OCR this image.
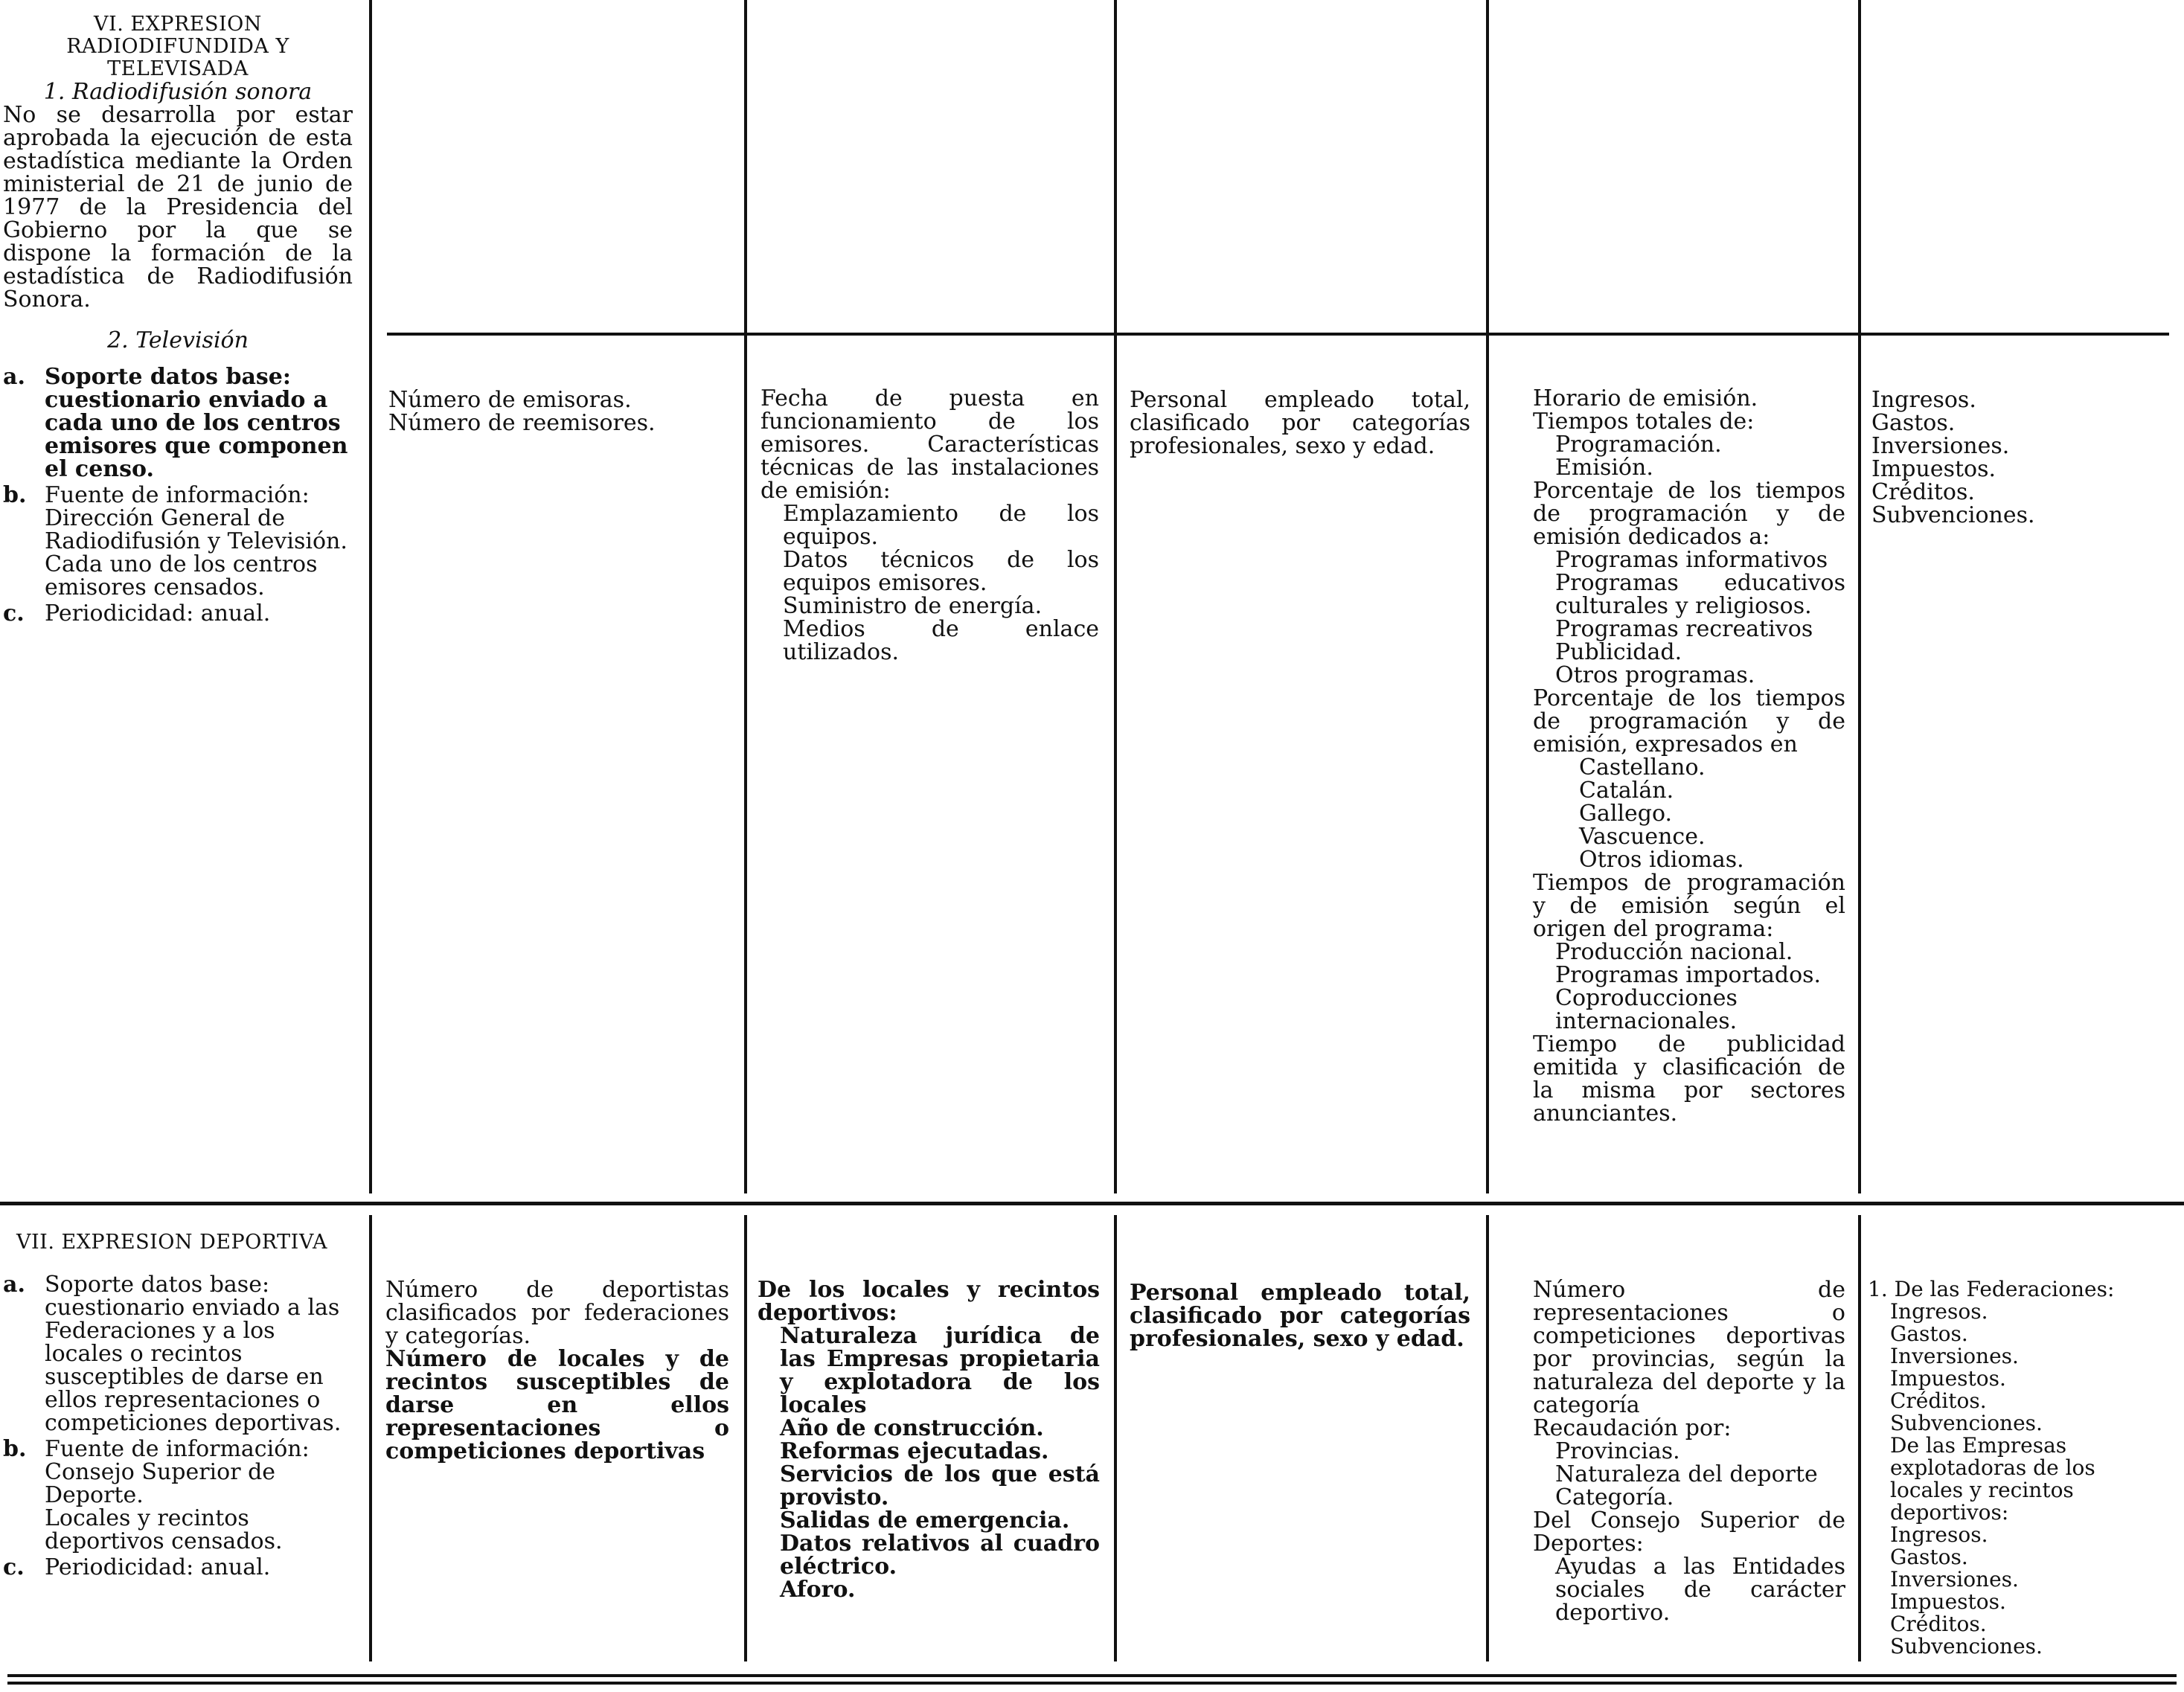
VI. EXPRESION RADIODIFUNDIDA Y TELEVISADA

1. Radiodifusión sonora

No se desarrolla por estar aprobada la ejecución de esta estadística mediante la Orden ministerial de 21 de junio de 1977 de la Presidencia del Gobierno por la que se dispone la formación de la estadística de Radiodifusión Sonora.

2. Televisión

a. Soporte datos base: cuestionario enviado a cada uno de los centros emisores que componen el censo.
b. Fuente de información:
Dirección General de Radiodifusión y Televisión. Cada uno de los centros emisores censados.
c. Periodicidad: anual.

Número de emisoras.

Número de reemisores.

Fecha de puesta en funcionamiento de los emisores. Características técnicas de las instalaciones de emisión:

Emplazamiento de los equipos.

Datos técnicos de los equipos emisores.

Suministro de energía.

Medios de enlace utilizados.

Personal empleado total, clasificado por categorías profesionales, sexo y edad.

Horario de emisión.

Tiempos totales de:

Programación.

Emisión.

Porcentaje de los tiempos de programación y de emisión dedicados a:

Programas informativos

Programas educativos culturales y religiosos.

Programas recreativos

Publicidad.

Otros programas.

Porcentaje de los tiempos de programación y de emisión, expresados en

Castellano.

Catalán.

Gallego.

Vascuence.

Otros idiomas.

Tiempos de programación y de emisión según el origen del programa:

Producción nacional.

Programas importados.

Coproducciones internacionales.

Tiempo de publicidad emitida y clasificación de la misma por sectores anunciantes.

Ingresos.

Gastos.

Inversiones.

Impuestos.

Créditos.

Subvenciones.

VII. EXPRESION DEPORTIVA

a. Soporte datos base: cuestionario enviado a las Federaciones y a los locales o recintos susceptibles de darse en ellos representaciones o competiciones deportivas.
b. Fuente de información:
Consejo Superior de Deporte.
Locales y recintos deportivos censados.
c. Periodicidad: anual.

Número de deportistas clasificados por federaciones y categorías.

Número de locales y de recintos susceptibles de darse en ellos representaciones o competiciones deportivas

De los locales y recintos deportivos:

Naturaleza jurídica de las Empresas propietaria y explotadora de los locales

Año de construcción.

Reformas ejecutadas.

Servicios de los que está provisto.

Salidas de emergencia.

Datos relativos al cuadro eléctrico.

Aforo.

Personal empleado total, clasificado por categorías profesionales, sexo y edad.

Número de representaciones o competiciones deportivas por provincias, según la naturaleza del deporte y la categoría

Recaudación por:

Provincias.

Naturaleza del deporte

Categoría.

Del Consejo Superior de Deportes:

Ayudas a las Entidades sociales de carácter deportivo.

1. De las Federaciones:

Ingresos.

Gastos.

Inversiones.

Impuestos.

Créditos.

Subvenciones.

De las Empresas explotadoras de los locales y recintos deportivos:

Ingresos.

Gastos.

Inversiones.

Impuestos.

Créditos.

Subvenciones.
